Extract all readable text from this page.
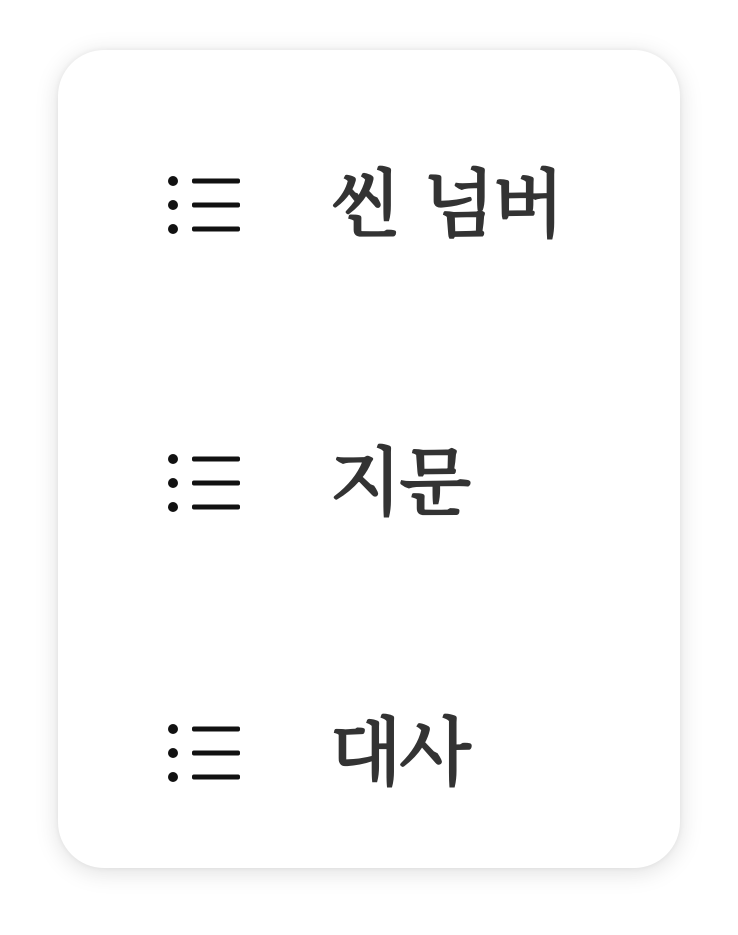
씬 넘버
지문
대사
